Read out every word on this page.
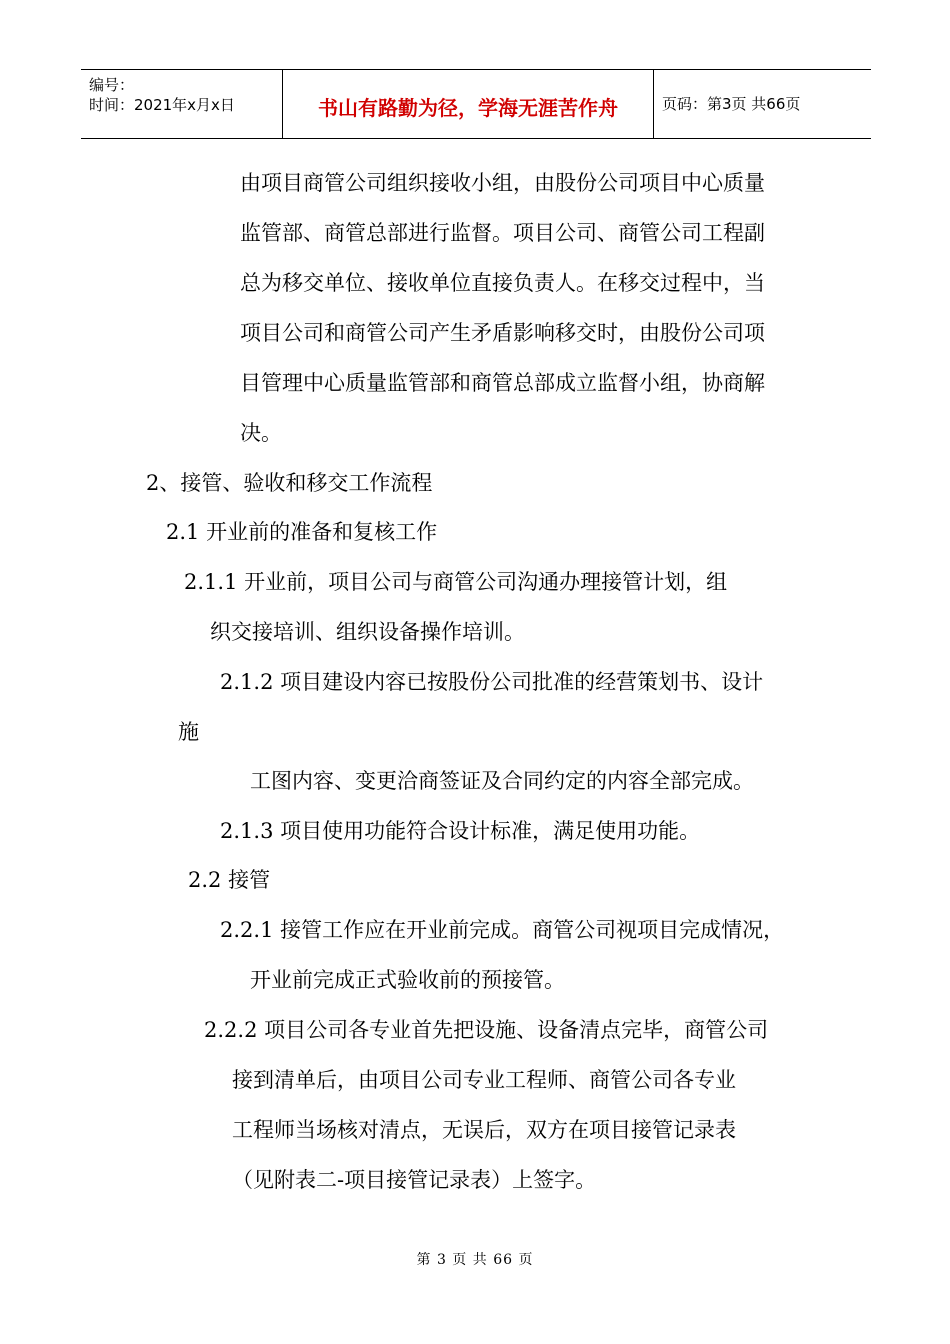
编号：
时间：2021年x月x日	书山有路勤为径，学海无涯苦作舟	页码：第3页 共66页
由项目商管公司组织接收小组，由股份公司项目中心质量
监管部、商管总部进行监督。项目公司、商管公司工程副
总为移交单位、接收单位直接负责人。在移交过程中，当
项目公司和商管公司产生矛盾影响移交时，由股份公司项
目管理中心质量监管部和商管总部成立监督小组，协商解
决。
2、接管、验收和移交工作流程
2.1 开业前的准备和复核工作
2.1.1 开业前，项目公司与商管公司沟通办理接管计划，组
织交接培训、组织设备操作培训。
2.1.2 项目建设内容已按股份公司批准的经营策划书、设计
施
工图内容、变更洽商签证及合同约定的内容全部完成。
2.1.3 项目使用功能符合设计标准，满足使用功能。
2.2 接管
2.2.1 接管工作应在开业前完成。商管公司视项目完成情况，
开业前完成正式验收前的预接管。
2.2.2 项目公司各专业首先把设施、设备清点完毕，商管公司
接到清单后，由项目公司专业工程师、商管公司各专业
工程师当场核对清点，无误后，双方在项目接管记录表
（见附表二-项目接管记录表）上签字。
第 3 页 共 66 页
